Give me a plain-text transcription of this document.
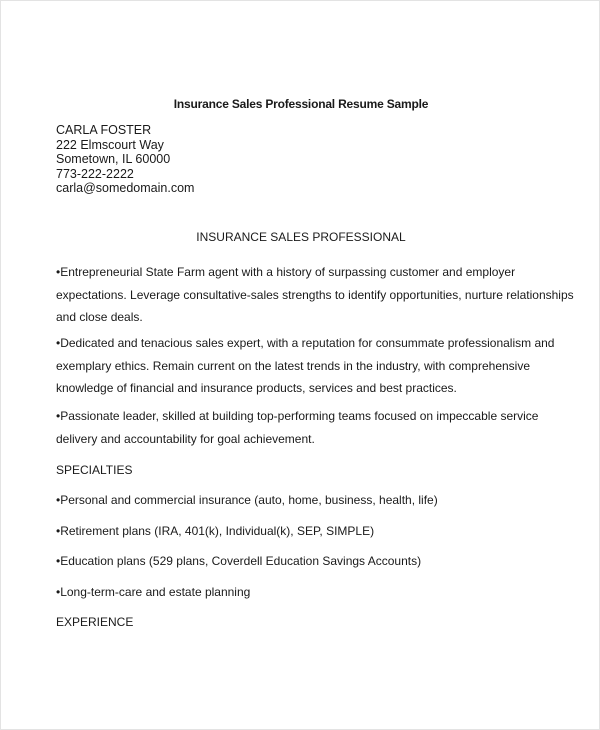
Insurance Sales Professional Resume Sample
CARLA FOSTER
222 Elmscourt Way
Sometown, IL 60000
773-222-2222
carla@somedomain.com
INSURANCE SALES PROFESSIONAL
•Entrepreneurial State Farm agent with a history of surpassing customer and employer
expectations. Leverage consultative-sales strengths to identify opportunities, nurture relationships
and close deals.
•Dedicated and tenacious sales expert, with a reputation for consummate professionalism and
exemplary ethics. Remain current on the latest trends in the industry, with comprehensive
knowledge of financial and insurance products, services and best practices.
•Passionate leader, skilled at building top-performing teams focused on impeccable service
delivery and accountability for goal achievement.
SPECIALTIES
•Personal and commercial insurance (auto, home, business, health, life)
•Retirement plans (IRA, 401(k), Individual(k), SEP, SIMPLE)
•Education plans (529 plans, Coverdell Education Savings Accounts)
•Long-term-care and estate planning
EXPERIENCE
